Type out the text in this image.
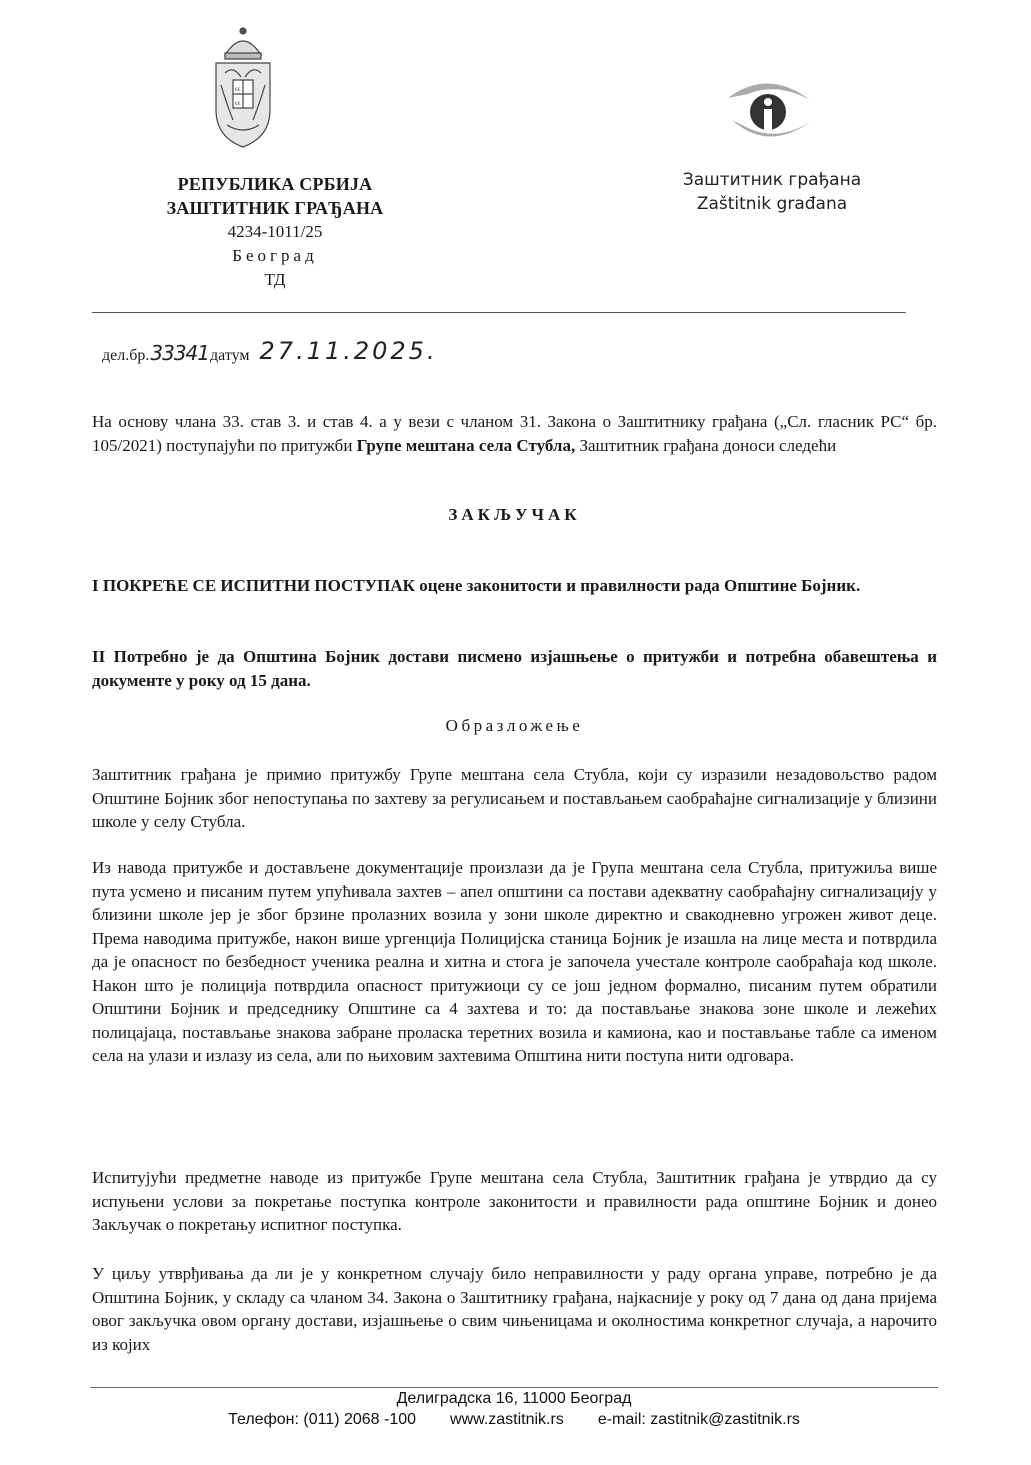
ϵϵ
ϵϵ
РЕПУБЛИКА СРБИЈА
ЗАШТИТНИК ГРАЂАНА
4234-1011/25
Београд
ТД
Заштитник грађана
Zaštitnik građana
дел.бр. 33341 датум 27.11.2025.
На основу члана 33. став 3. и став 4. а у вези с чланом 31. Закона о Заштитнику грађана („Сл. гласник РС“ бр. 105/2021) поступајући по притужби Групе мештана села Стубла, Заштитник грађана доноси следећи
ЗАКЉУЧАК
I ПОКРЕЋЕ СЕ ИСПИТНИ ПОСТУПАК оцене законитости и правилности рада Општине Бојник.
II Потребно је да Општина Бојник достави писмено изјашњење о притужби и потребна обавештења и документе у року од 15 дана.
Образложење
Заштитник грађана је примио притужбу Групе мештана села Стубла, који су изразили незадовољство радом Општине Бојник због непоступања по захтеву за регулисањем и постављањем саобраћајне сигнализације у близини школе у селу Стубла.
Из навода притужбе и достављене документације произлази да је Група мештана села Стубла, притужиља више пута усмено и писаним путем упућивала захтев – апел општини са постави адекватну саобраћајну сигнализацију у близини школе јер је због брзине пролазних возила у зони школе директно и свакодневно угрожен живот деце. Према наводима притужбе, након више ургенција Полицијска станица Бојник је изашла на лице места и потврдила да је опасност по безбедност ученика реална и хитна и стога је започела учестале контроле саобраћаја код школе. Након што је полиција потврдила опасност притужиоци су се још једном формално, писаним путем обратили Општини Бојник и председнику Општине са 4 захтева и то: да постављање знакова зоне школе и лежећих полицајаца, постављање знакова забране проласка теретних возила и камиона, као и постављање табле са именом села на улази и излазу из села, али по њиховим захтевима Општина нити поступа нити одговара.
Испитујући предметне наводе из притужбе Групе мештана села Стубла, Заштитник грађана је утврдио да су испуњени услови за покретање поступка контроле законитости и правилности рада општине Бојник и донео Закључак о покретању испитног поступка.
У циљу утврђивања да ли је у конкретном случају било неправилности у раду органа управе, потребно је да Општина Бојник, у складу са чланом 34. Закона о Заштитнику грађана, најкасније у року од 7 дана од дана пријема овог закључка овом органу достави, изјашњење о свим чињеницама и околностима конкретног случаја, а нарочито из којих
Делиградска 16, 11000 Београд
Телефон: (011) 2068 -100 www.zastitnik.rs e-mail: zastitnik@zastitnik.rs
